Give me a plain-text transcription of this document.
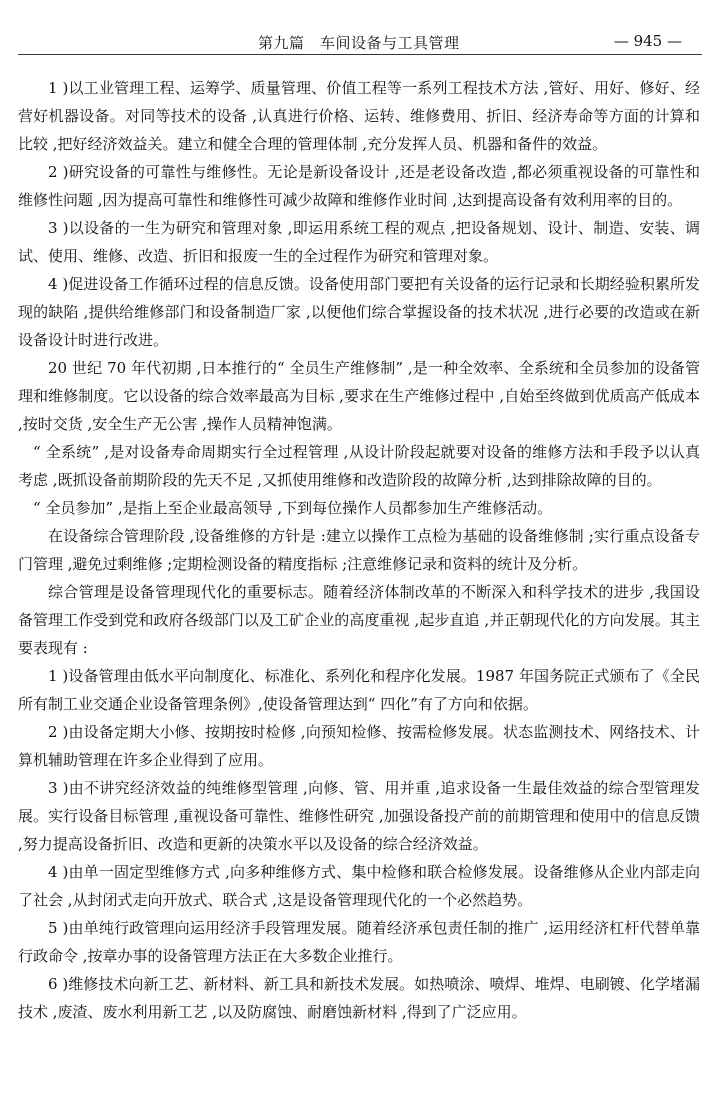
第九篇　车间设备与工具管理	— 945 —

1 )以工业管理工程、运筹学、质量管理、价值工程等一系列工程技术方法 ,管好、用好、修好、经营好机器设备。对同等技术的设备 ,认真进行价格、运转、维修费用、折旧、经济寿命等方面的计算和比较 ,把好经济效益关。建立和健全合理的管理体制 ,充分发挥人员、机器和备件的效益。

2 )研究设备的可靠性与维修性。无论是新设备设计 ,还是老设备改造 ,都必须重视设备的可靠性和维修性问题 ,因为提高可靠性和维修性可减少故障和维修作业时间 ,达到提高设备有效利用率的目的。

3 )以设备的一生为研究和管理对象 ,即运用系统工程的观点 ,把设备规划、设计、制造、安装、调试、使用、维修、改造、折旧和报废一生的全过程作为研究和管理对象。

4 )促进设备工作循环过程的信息反馈。设备使用部门要把有关设备的运行记录和长期经验积累所发现的缺陷 ,提供给维修部门和设备制造厂家 ,以便他们综合掌握设备的技术状况 ,进行必要的改造或在新设备设计时进行改进。

20 世纪 70 年代初期 ,日本推行的“ 全员生产维修制” ,是一种全效率、全系统和全员参加的设备管理和维修制度。它以设备的综合效率最高为目标 ,要求在生产维修过程中 ,自始至终做到优质高产低成本 ,按时交货 ,安全生产无公害 ,操作人员精神饱满。

“ 全系统” ,是对设备寿命周期实行全过程管理 ,从设计阶段起就要对设备的维修方法和手段予以认真考虑 ,既抓设备前期阶段的先天不足 ,又抓使用维修和改造阶段的故障分析 ,达到排除故障的目的。

“ 全员参加” ,是指上至企业最高领导 ,下到每位操作人员都参加生产维修活动。

在设备综合管理阶段 ,设备维修的方针是 :建立以操作工点检为基础的设备维修制 ;实行重点设备专门管理 ,避免过剩维修 ;定期检测设备的精度指标 ;注意维修记录和资料的统计及分析。

综合管理是设备管理现代化的重要标志。随着经济体制改革的不断深入和科学技术的进步 ,我国设备管理工作受到党和政府各级部门以及工矿企业的高度重视 ,起步直追 ,并正朝现代化的方向发展。其主要表现有 :

1 )设备管理由低水平向制度化、标准化、系列化和程序化发展。1987 年国务院正式颁布了《全民所有制工业交通企业设备管理条例》,使设备管理达到“ 四化”有了方向和依据。

2 )由设备定期大小修、按期按时检修 ,向预知检修、按需检修发展。状态监测技术、网络技术、计算机辅助管理在许多企业得到了应用。

3 )由不讲究经济效益的纯维修型管理 ,向修、管、用并重 ,追求设备一生最佳效益的综合型管理发展。实行设备目标管理 ,重视设备可靠性、维修性研究 ,加强设备投产前的前期管理和使用中的信息反馈 ,努力提高设备折旧、改造和更新的决策水平以及设备的综合经济效益。

4 )由单一固定型维修方式 ,向多种维修方式、集中检修和联合检修发展。设备维修从企业内部走向了社会 ,从封闭式走向开放式、联合式 ,这是设备管理现代化的一个必然趋势。

5 )由单纯行政管理向运用经济手段管理发展。随着经济承包责任制的推广 ,运用经济杠杆代替单靠行政命令 ,按章办事的设备管理方法正在大多数企业推行。

6 )维修技术向新工艺、新材料、新工具和新技术发展。如热喷涂、喷焊、堆焊、电刷镀、化学堵漏技术 ,废渣、废水利用新工艺 ,以及防腐蚀、耐磨蚀新材料 ,得到了广泛应用。
